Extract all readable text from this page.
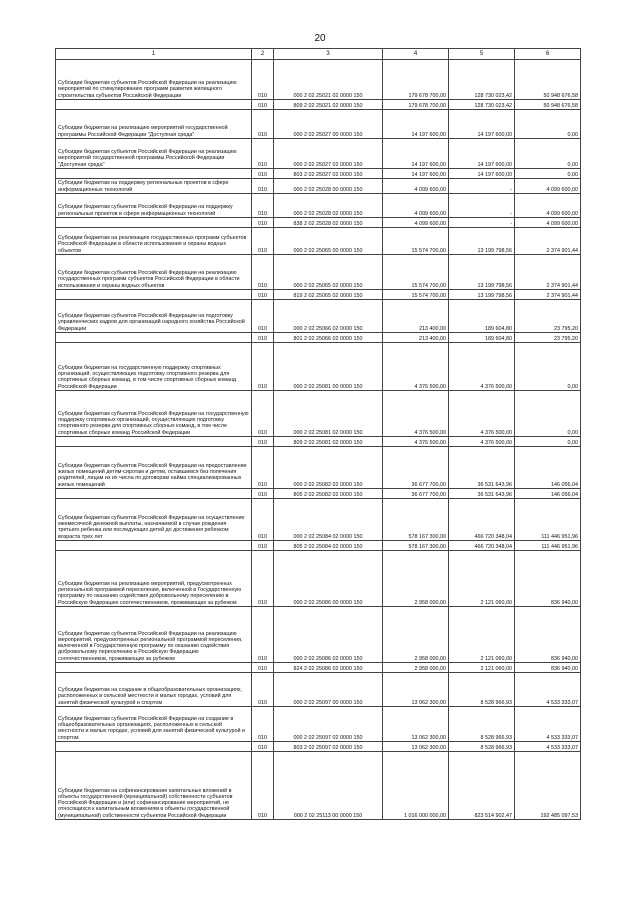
20
1	2	3	4	5	6
Субсидии бюджетам субъектов Российской Федерации на реализацию мероприятий по стимулированию программ развития жилищного строительства субъектов Российской Федерации	010	000 2 02 25021 02 0000 150	179 678 700,00	128 730 023,42	50 948 676,58
	010	809 2 02 25021 02 0000 150	179 678 700,00	128 730 023,42	50 948 676,58
Субсидии бюджетам на реализацию мероприятий государственной программы Российской Федерации "Доступная среда"	010	000 2 02 25027 00 0000 150	14 197 600,00	14 197 600,00	0,00
Субсидии бюджетам субъектов Российской Федерации на реализацию мероприятий государственной программы Российской Федерации "Доступная среда"	010	000 2 02 25027 02 0000 150	14 197 600,00	14 197 600,00	0,00
	010	803 2 02 25027 02 0000 150	14 197 600,00	14 197 600,00	0,00
Субсидии бюджетам на поддержку региональных проектов в сфере информационных технологий	010	000 2 02 25028 00 0000 150	4 099 600,00	-	4 099 600,00
Субсидии бюджетам субъектов Российской Федерации на поддержку региональных проектов в сфере информационных технологий	010	000 2 02 25028 02 0000 150	4 099 600,00	-	4 099 600,00
	010	838 2 02 25028 02 0000 150	4 099 600,00	-	4 099 600,00
Субсидии бюджетам на реализацию государственных программ субъектов Российской Федерации в области использования и охраны водных объектов	010	000 2 02 25065 00 0000 150	15 574 700,00	13 199 798,56	2 374 901,44
Субсидии бюджетам субъектов Российской Федерации на реализацию государственных программ субъектов Российской Федерации в области использования и охраны водных объектов	010	000 2 02 25065 02 0000 150	15 574 700,00	13 199 798,56	2 374 901,44
	010	819 2 02 25065 02 0000 150	15 574 700,00	13 199 798,56	2 374 901,44
Субсидии бюджетам субъектов Российской Федерации на подготовку управленческих кадров для организаций народного хозяйства Российской Федерации	010	000 2 02 25066 02 0000 150	213 400,00	189 604,80	23 795,20
	010	801 2 02 25066 02 0000 150	213 400,00	189 604,80	23 795,20
Субсидии бюджетам на государственную поддержку спортивных организаций, осуществляющих подготовку спортивного резерва для спортивных сборных команд, в том числе спортивных сборных команд Российской Федерации	010	000 2 02 25081 00 0000 150	4 376 500,00	4 376 500,00	0,00
Субсидии бюджетам субъектов Российской Федерации на государственную поддержку спортивных организаций, осуществляющих подготовку спортивного резерва для спортивных сборных команд, в том числе спортивных сборных команд Российской Федерации	010	000 2 02 25081 02 0000 150	4 376 500,00	4 376 500,00	0,00
	010	809 2 02 25081 02 0000 150	4 376 500,00	4 376 500,00	0,00
Субсидии бюджетам субъектов Российской Федерации на предоставление жилых помещений детям-сиротам и детям, оставшимся без попечения родителей, лицам из их числа по договорам найма специализированных жилых помещений	010	000 2 02 25082 02 0000 150	36 677 700,00	36 531 643,96	146 056,04
	010	805 2 02 25082 02 0000 150	36 677 700,00	36 531 643,96	146 056,04
Субсидии бюджетам субъектов Российской Федерации на осуществление ежемесячной денежной выплаты, назначаемой в случае рождения третьего ребенка или последующих детей до достижения ребенком возраста трех лет	010	000 2 02 25084 02 0000 150	578 167 300,00	466 720 348,04	111 446 951,96
	010	805 2 02 25084 02 0000 150	578 167 300,00	466 720 348,04	111 446 951,96
Субсидии бюджетам на реализацию мероприятий, предусмотренных региональной программой переселения, включенной в Государственную программу по оказанию содействия добровольному переселению в Российскую Федерацию соотечественников, проживающих за рубежом	010	000 2 02 25086 00 0000 150	2 958 000,00	2 121 060,00	836 940,00
Субсидии бюджетам субъектов Российской Федерации на реализацию мероприятий, предусмотренных региональной программой переселения, включенной в Государственную программу по оказанию содействия добровольному переселению в Российскую Федерацию соотечественников, проживающих за рубежом	010	000 2 02 25086 02 0000 150	2 958 000,00	2 121 060,00	836 940,00
	010	824 2 02 25086 02 0000 150	2 958 000,00	2 121 060,00	836 940,00
Субсидии бюджетам на создание в общеобразовательных организациях, расположенных в сельской местности и малых городах, условий для занятий физической культурой и спортом	010	000 2 02 25097 00 0000 150	13 062 300,00	8 528 966,93	4 533 333,07
Субсидии бюджетам субъектов Российской Федерации на создание в общеобразовательных организациях, расположенных в сельской местности и малых городах, условий для занятий физической культурой и спортом	010	000 2 02 25097 02 0000 150	13 062 300,00	8 528 966,93	4 533 333,07
	010	803 2 02 25097 02 0000 150	13 062 300,00	8 528 966,93	4 533 333,07
Субсидии бюджетам на софинансирование капитальных вложений в объекты государственной (муниципальной) собственности субъектов Российской Федерации и (или) софинансирование мероприятий, не относящихся к капитальным вложениям в объекты государственной (муниципальной) собственности субъектов Российской Федерации	010	000 2 02 25113 00 0000 150	1 016 000 000,00	823 514 902,47	192 485 097,53
